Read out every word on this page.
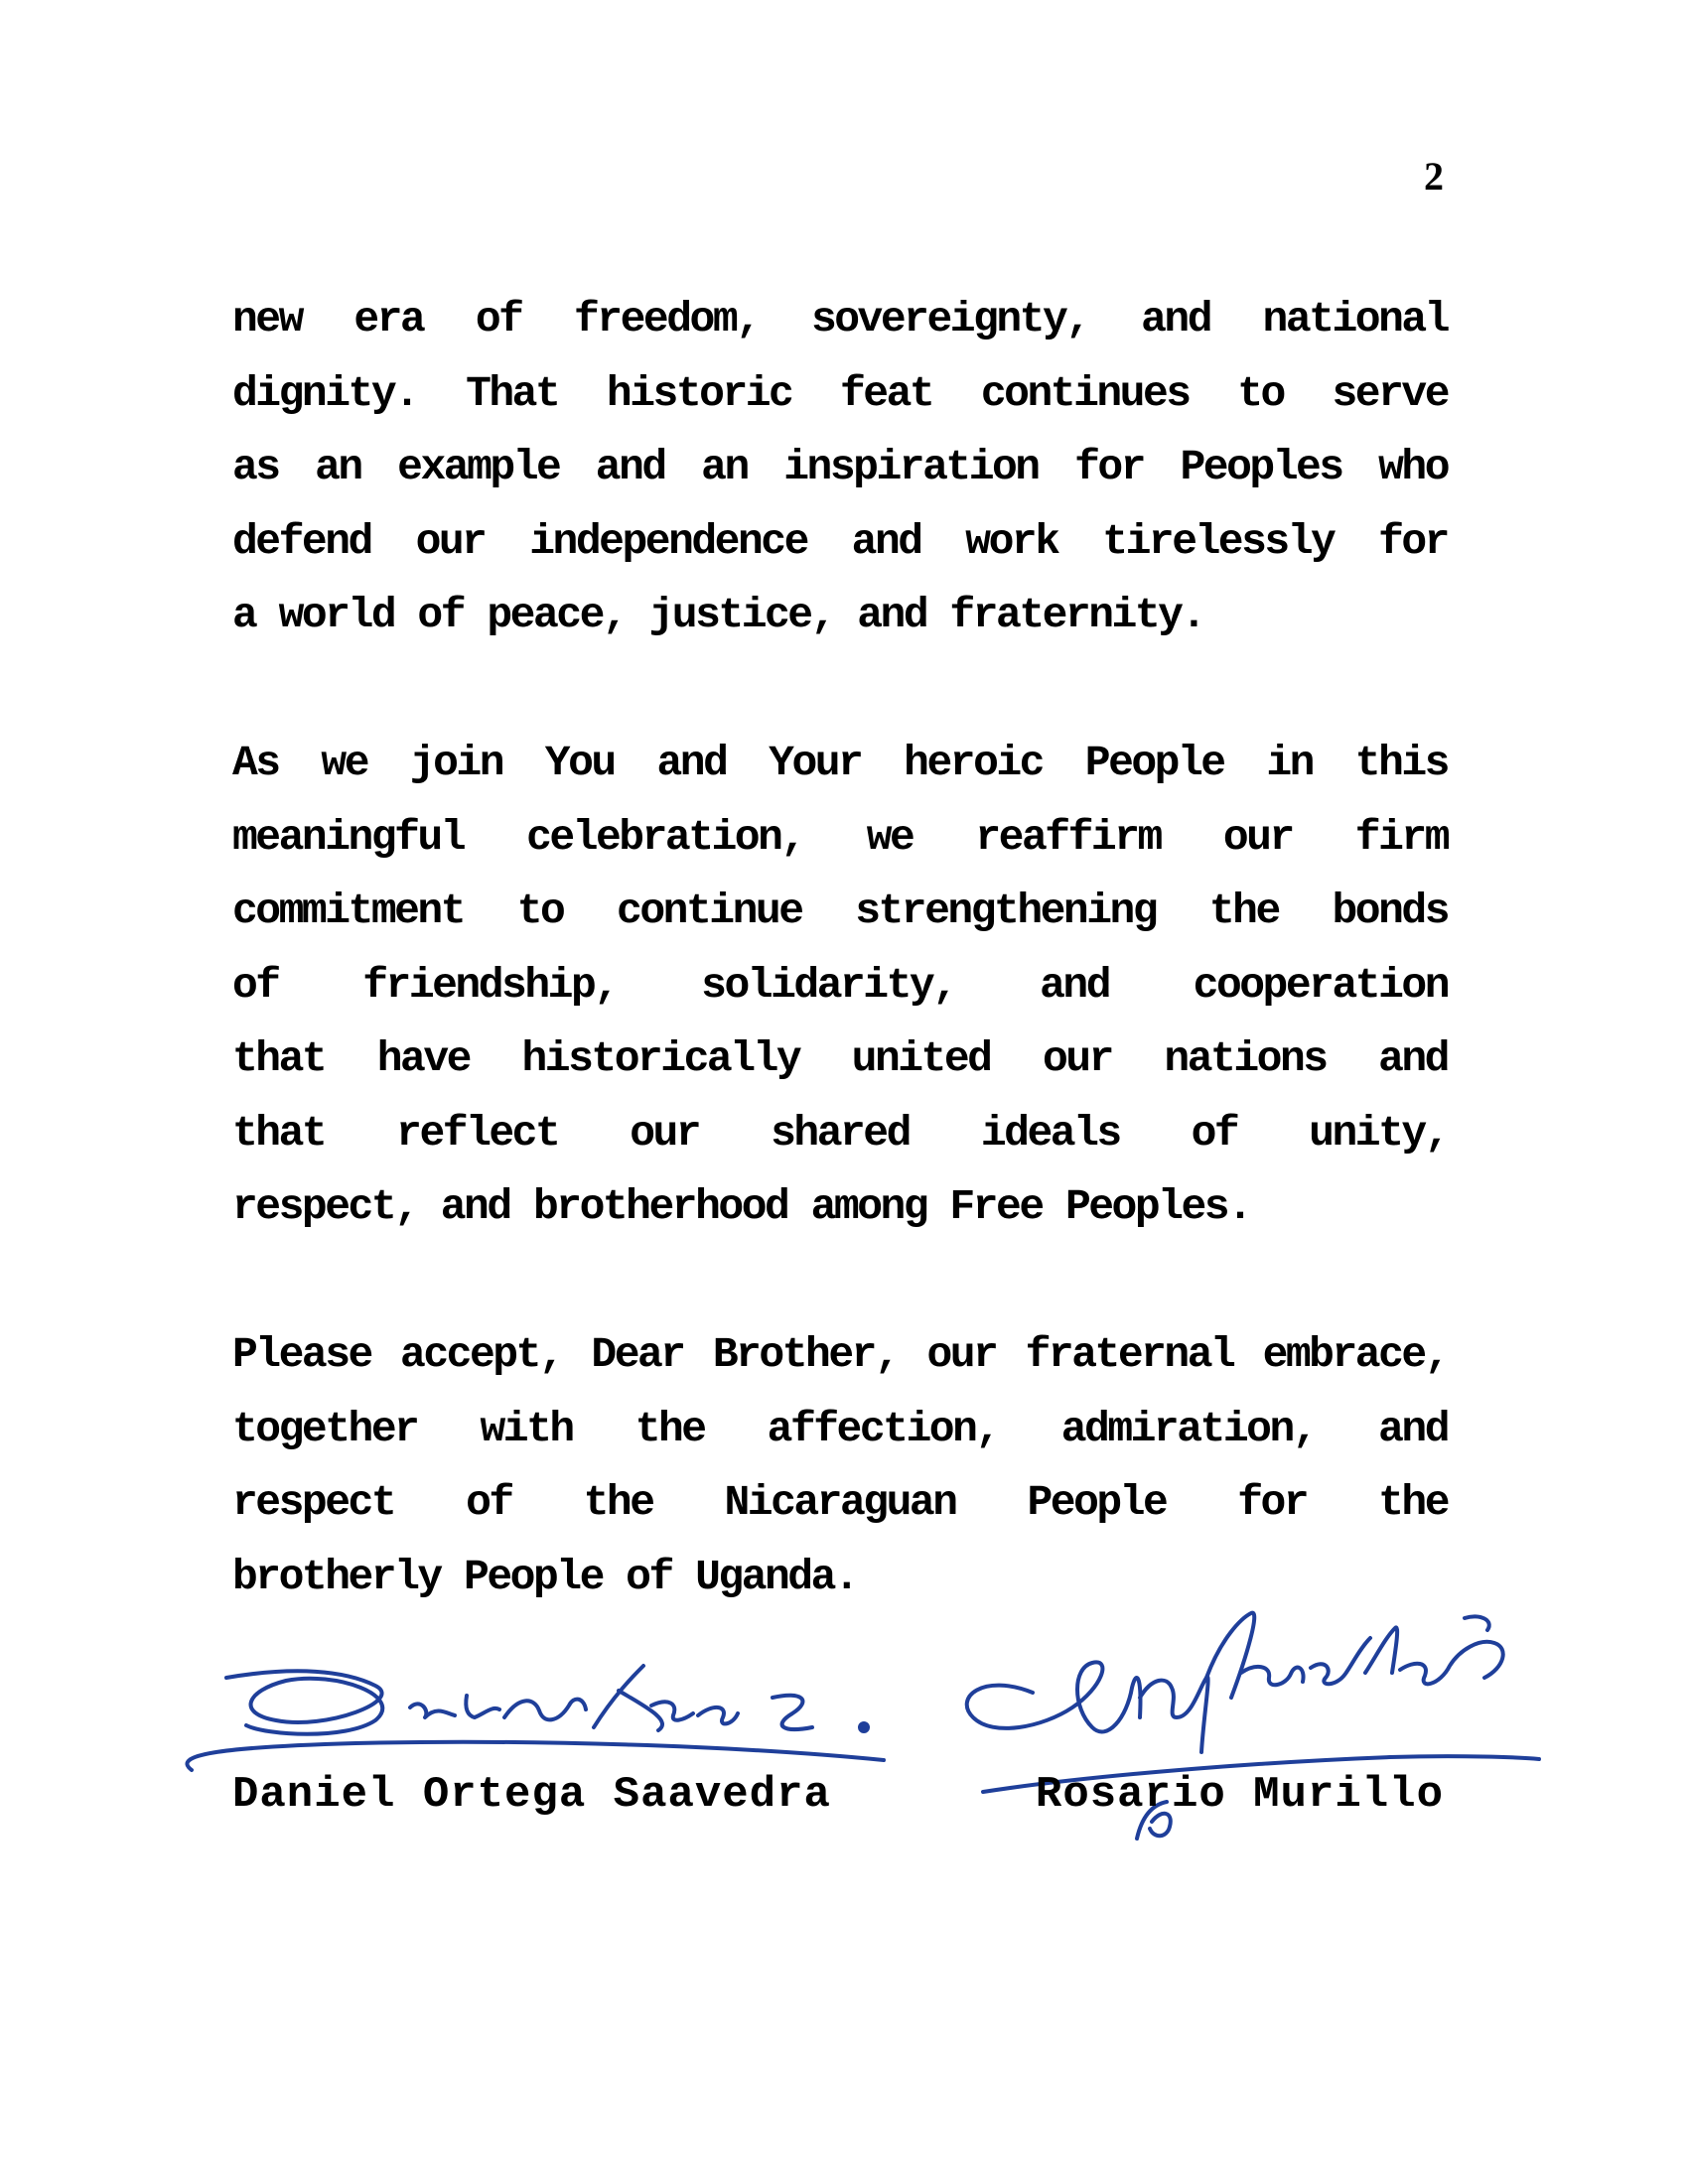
2
new era of freedom, sovereignty, and national
dignity. That historic feat continues to serve
as an example and an inspiration for Peoples who
defend our independence and work tirelessly for
a world of peace, justice, and fraternity.
As we join You and Your heroic People in this
meaningful celebration, we reaffirm our firm
commitment to continue strengthening the bonds
of friendship, solidarity, and cooperation
that have historically united our nations and
that reflect our shared ideals of unity,
respect, and brotherhood among Free Peoples.
Please accept, Dear Brother, our fraternal embrace,
together with the affection, admiration, and
respect of the Nicaraguan People for the
brotherly People of Uganda.
Daniel Ortega Saavedra	Rosario Murillo
